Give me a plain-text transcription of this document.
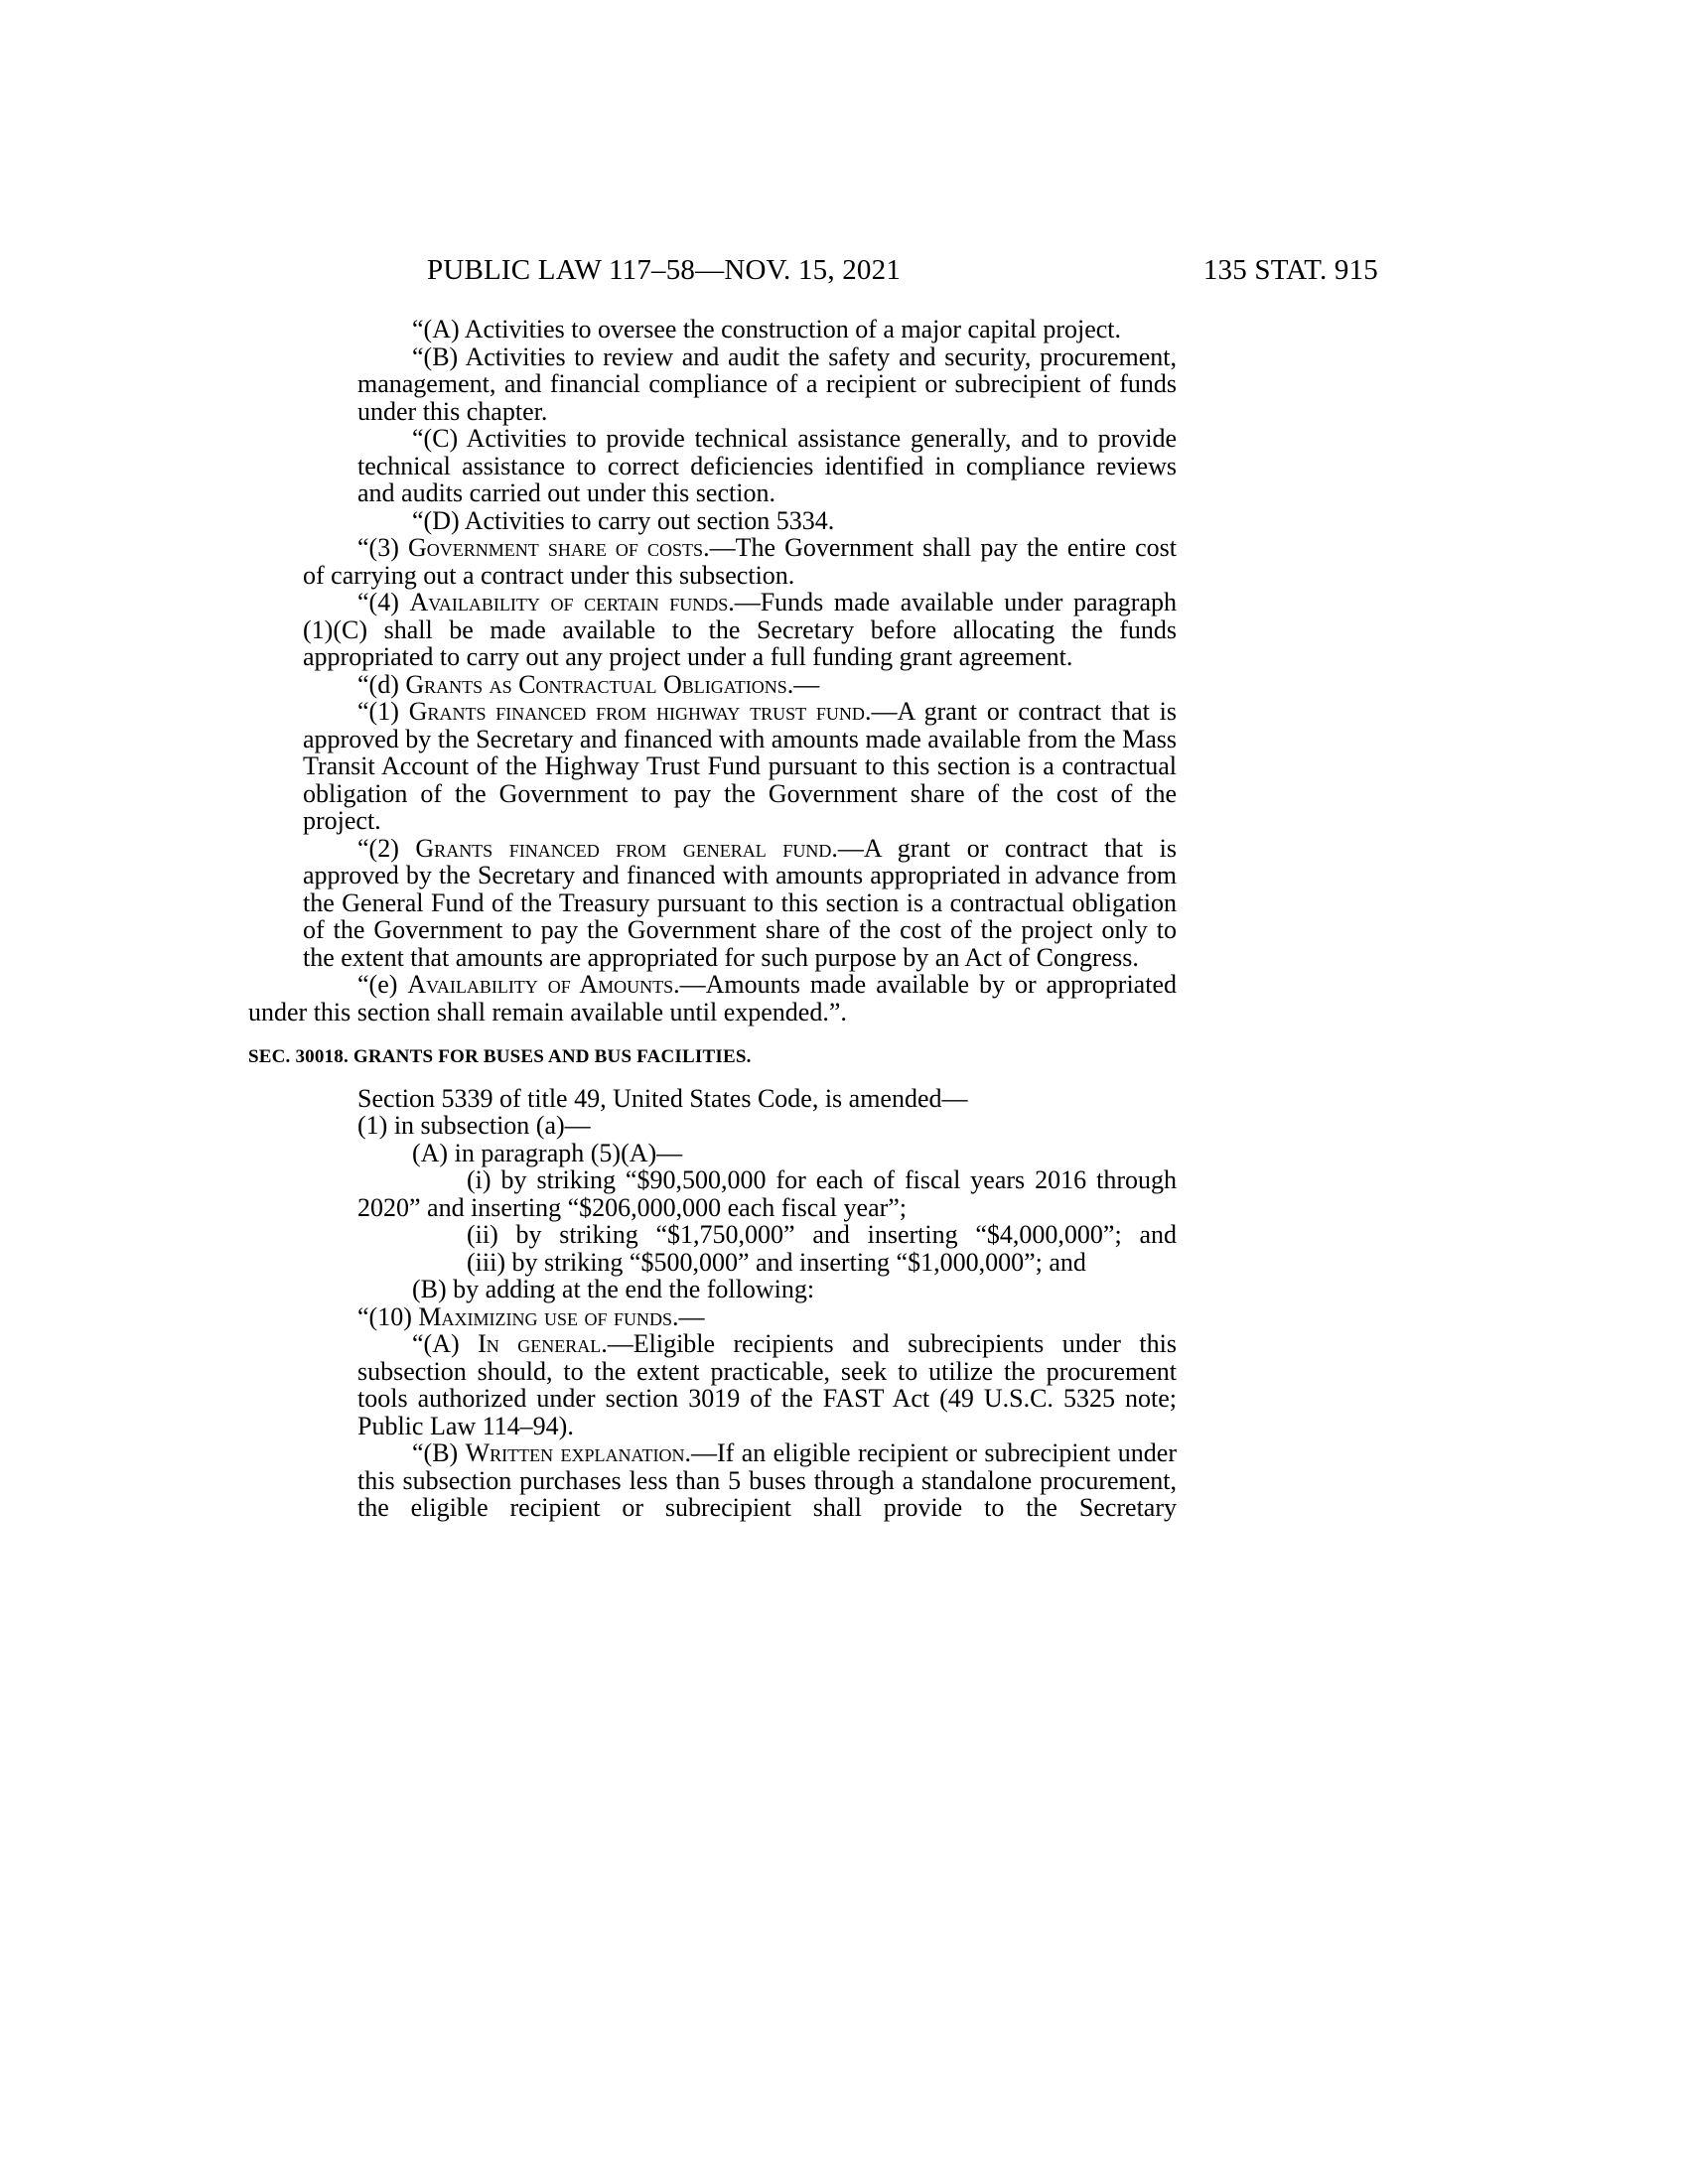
PUBLIC LAW 117–58—NOV. 15, 2021	135 STAT. 915

“(A) Activities to oversee the construction of a major capital project.

“(B) Activities to review and audit the safety and security, procurement, management, and financial compliance of a recipient or subrecipient of funds under this chapter.

“(C) Activities to provide technical assistance generally, and to provide technical assistance to correct deficiencies identified in compliance reviews and audits carried out under this section.

“(D) Activities to carry out section 5334.

“(3) Government share of costs.—The Government shall pay the entire cost of carrying out a contract under this subsection.

“(4) Availability of certain funds.—Funds made available under paragraph (1)(C) shall be made available to the Secretary before allocating the funds appropriated to carry out any project under a full funding grant agreement.

“(d) Grants as Contractual Obligations.—

“(1) Grants financed from highway trust fund.—A grant or contract that is approved by the Secretary and financed with amounts made available from the Mass Transit Account of the Highway Trust Fund pursuant to this section is a contractual obligation of the Government to pay the Government share of the cost of the project.

“(2) Grants financed from general fund.—A grant or contract that is approved by the Secretary and financed with amounts appropriated in advance from the General Fund of the Treasury pursuant to this section is a contractual obligation of the Government to pay the Government share of the cost of the project only to the extent that amounts are appropriated for such purpose by an Act of Congress.

“(e) Availability of Amounts.—Amounts made available by or appropriated under this section shall remain available until expended.”.

SEC. 30018. GRANTS FOR BUSES AND BUS FACILITIES.

Section 5339 of title 49, United States Code, is amended—

(1) in subsection (a)—

(A) in paragraph (5)(A)—

(i) by striking “$90,500,000 for each of fiscal years 2016 through 2020” and inserting “$206,000,000 each fiscal year”;

(ii) by striking “$1,750,000” and inserting “$4,000,000”; and

(iii) by striking “$500,000” and inserting “$1,000,000”; and

(B) by adding at the end the following:

“(10) Maximizing use of funds.—

“(A) In general.—Eligible recipients and subrecipients under this subsection should, to the extent practicable, seek to utilize the procurement tools authorized under section 3019 of the FAST Act (49 U.S.C. 5325 note; Public Law 114–94).

“(B) Written explanation.—If an eligible recipient or subrecipient under this subsection purchases less than 5 buses through a standalone procurement, the eligible recipient or subrecipient shall provide to the Secretary
